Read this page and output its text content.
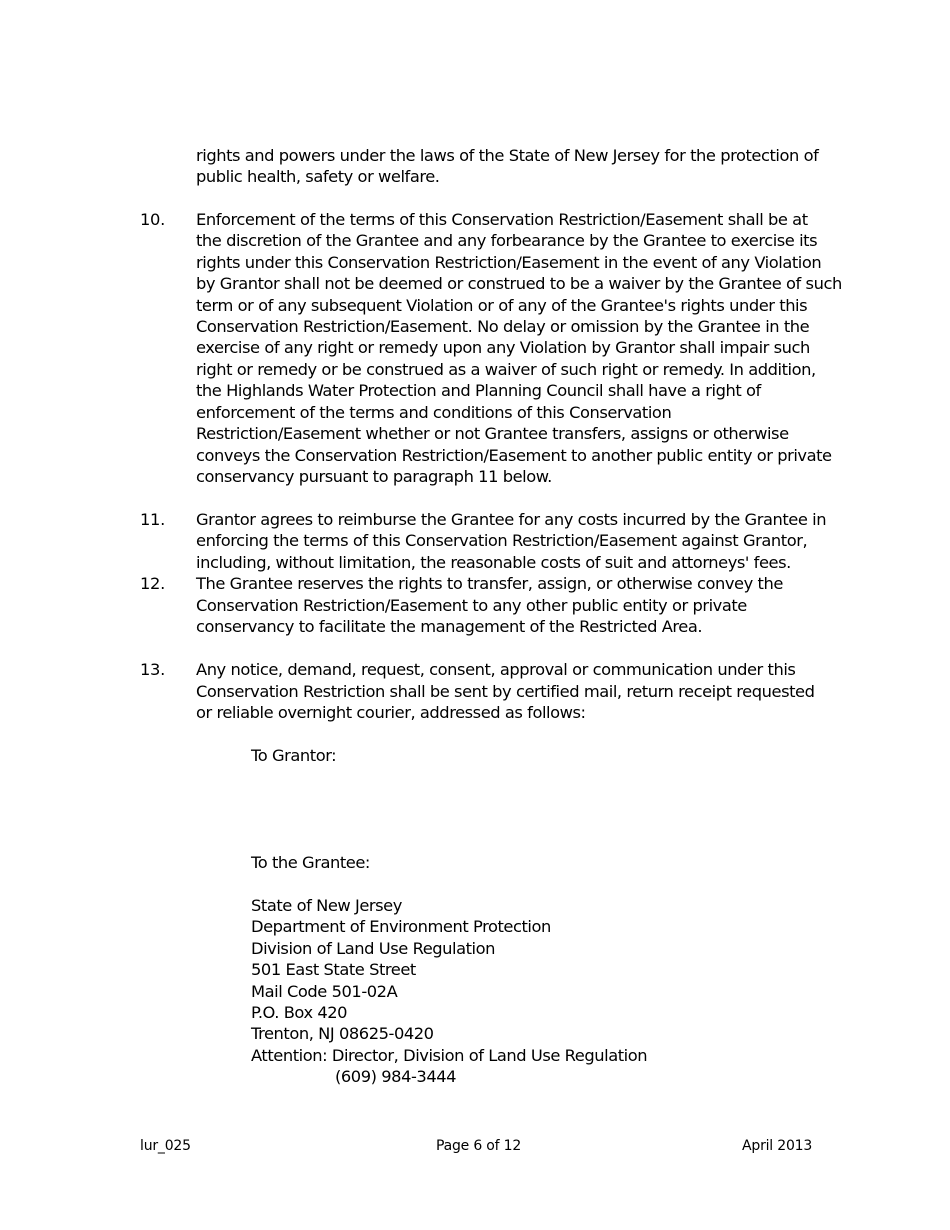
rights and powers under the laws of the State of New Jersey for the protection of
public health, safety or welfare.
10. Enforcement of the terms of this Conservation Restriction/Easement shall be at
the discretion of the Grantee and any forbearance by the Grantee to exercise its
rights under this Conservation Restriction/Easement in the event of any Violation
by Grantor shall not be deemed or construed to be a waiver by the Grantee of such
term or of any subsequent Violation or of any of the Grantee's rights under this
Conservation Restriction/Easement. No delay or omission by the Grantee in the
exercise of any right or remedy upon any Violation by Grantor shall impair such
right or remedy or be construed as a waiver of such right or remedy. In addition,
the Highlands Water Protection and Planning Council shall have a right of
enforcement of the terms and conditions of this Conservation
Restriction/Easement whether or not Grantee transfers, assigns or otherwise
conveys the Conservation Restriction/Easement to another public entity or private
conservancy pursuant to paragraph 11 below.
11. Grantor agrees to reimburse the Grantee for any costs incurred by the Grantee in
enforcing the terms of this Conservation Restriction/Easement against Grantor,
including, without limitation, the reasonable costs of suit and attorneys' fees.
12. The Grantee reserves the rights to transfer, assign, or otherwise convey the
Conservation Restriction/Easement to any other public entity or private
conservancy to facilitate the management of the Restricted Area.
13. Any notice, demand, request, consent, approval or communication under this
Conservation Restriction shall be sent by certified mail, return receipt requested
or reliable overnight courier, addressed as follows:
To Grantor:
To the Grantee:
State of New Jersey
Department of Environment Protection
Division of Land Use Regulation
501 East State Street
Mail Code 501-02A
P.O. Box 420
Trenton, NJ 08625-0420
Attention: Director, Division of Land Use Regulation
(609) 984-3444
lur_025	Page 6 of 12	April 2013
